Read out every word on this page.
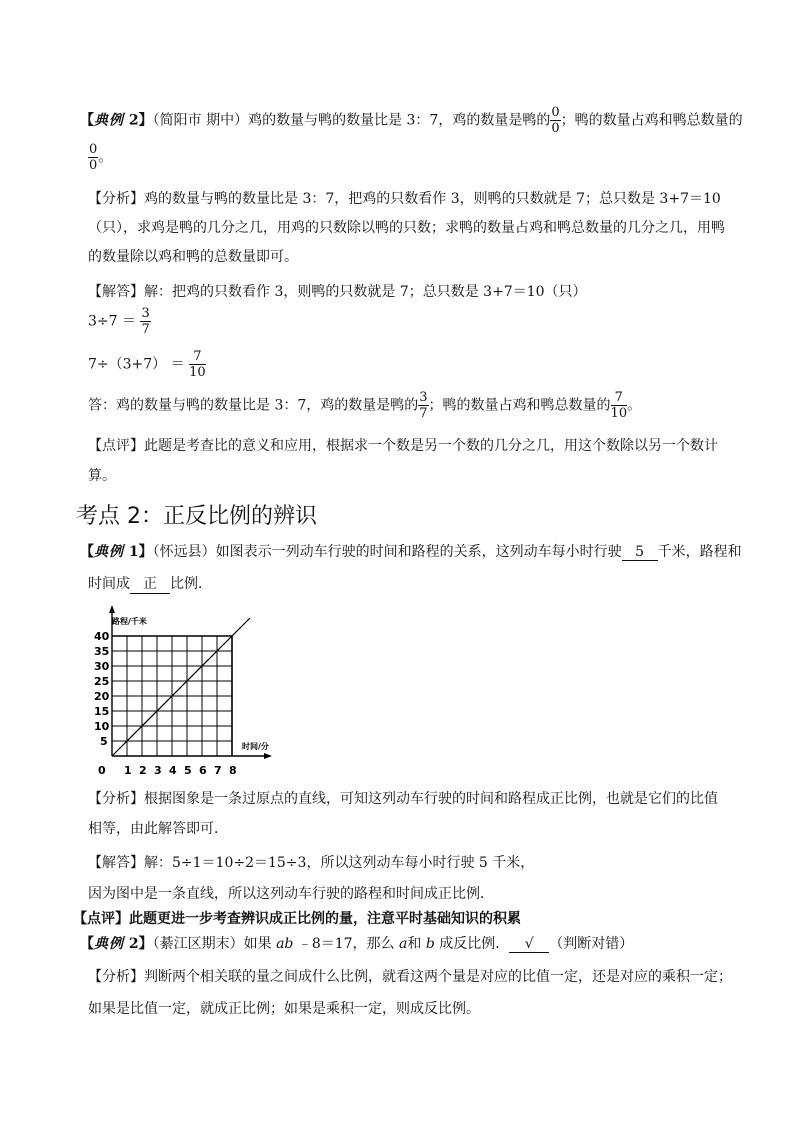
【典例 2】（简阳市 期中）鸡的数量与鸭的数量比是 3：7，鸡的数量是鸭的 $\frac{0}{0}$ ；鸭的数量占鸡和鸭总数量的
$\frac{0}{0}$ 。
【分析】鸡的数量与鸭的数量比是 3：7，把鸡的只数看作 3，则鸭的只数就是 7；总只数是 3+7＝10
（只），求鸡是鸭的几分之几，用鸡的只数除以鸭的只数；求鸭的数量占鸡和鸭总数量的几分之几，用鸭
的数量除以鸡和鸭的总数量即可。
【解答】解：把鸡的只数看作 3，则鸭的只数就是 7；总只数是 3+7＝10（只）
$3\div 7 = \frac{3}{7}$
$7\div(3+7) = \frac{7}{10}$
答：鸡的数量与鸭的数量比是 3：7，鸡的数量是鸭的 $\frac{3}{7}$ ；鸭的数量占鸡和鸭总数量的 $\frac{7}{10}$ 。
【点评】此题是考查比的意义和应用，根据求一个数是另一个数的几分之几，用这个数除以另一个数计
算。
考点 2：正反比例的辨识
【典例 1】（怀远县）如图表示一列动车行驶的时间和路程的关系，这列动车每小时行驶 5 千米，路程和
时间成 正 比例．
路程/千米
时间/分
0 1 2 3 4 5 6 7 8
5
10
15
20
25
30
35
40
【分析】根据图象是一条过原点的直线，可知这列动车行驶的时间和路程成正比例，也就是它们的比值
相等，由此解答即可．
【解答】解：5÷1＝10÷2＝15÷3，所以这列动车每小时行驶 5 千米，
因为图中是一条直线，所以这列动车行驶的路程和时间成正比例．
【点评】此题更进一步考查辨识成正比例的量，注意平时基础知识的积累
【典例 2】（綦江区期末）如果 ab ﹣8＝17，那么 a和 b 成反比例． √ （判断对错）
【分析】判断两个相关联的量之间成什么比例，就看这两个量是对应的比值一定，还是对应的乘积一定；
如果是比值一定，就成正比例；如果是乘积一定，则成反比例。
